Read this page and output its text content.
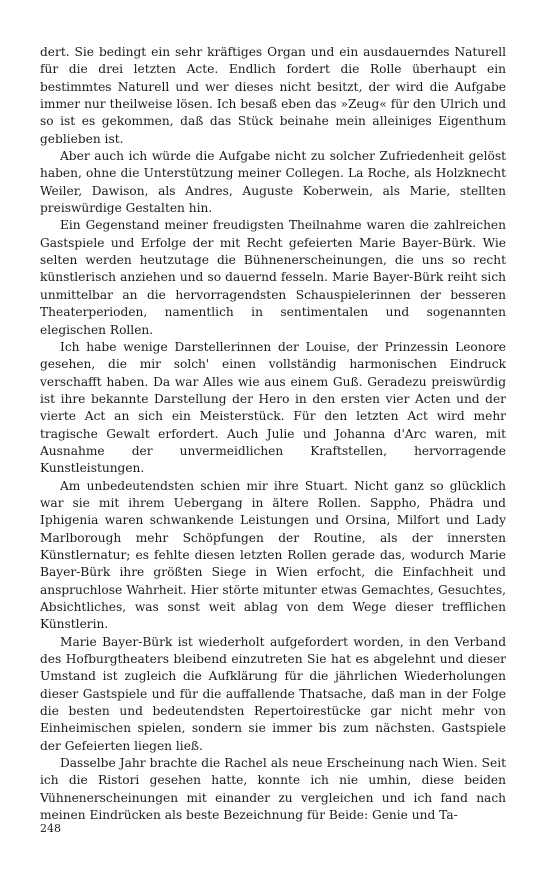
dert. Sie bedingt ein sehr kräftiges Organ und ein ausdauerndes Naturell für die drei letzten Acte. Endlich fordert die Rolle überhaupt ein bestimmtes Naturell und wer dieses nicht besitzt, der wird die Aufgabe immer nur theilweise lösen. Ich besaß eben das »Zeug« für den Ulrich und so ist es gekommen, daß das Stück beinahe mein alleiniges Eigenthum geblieben ist.

Aber auch ich würde die Aufgabe nicht zu solcher Zufriedenheit gelöst haben, ohne die Unterstützung meiner Collegen. La Roche, als Holzknecht Weiler, Dawison, als Andres, Auguste Koberwein, als Marie, stellten preiswürdige Gestalten hin.

Ein Gegenstand meiner freudigsten Theilnahme waren die zahlreichen Gastspiele und Erfolge der mit Recht gefeierten Marie Bayer-Bürk. Wie selten werden heutzutage die Bühnenerscheinungen, die uns so recht künstlerisch anziehen und so dauernd fesseln. Marie Bayer-Bürk reiht sich unmittelbar an die hervorragendsten Schauspielerinnen der besseren Theaterperioden, namentlich in sentimentalen und sogenannten elegischen Rollen.

Ich habe wenige Darstellerinnen der Louise, der Prinzessin Leonore gesehen, die mir solch' einen vollständig harmonischen Eindruck verschafft haben. Da war Alles wie aus einem Guß. Geradezu preiswürdig ist ihre bekannte Darstellung der Hero in den ersten vier Acten und der vierte Act an sich ein Meisterstück. Für den letzten Act wird mehr tragische Gewalt erfordert. Auch Julie und Johanna d'Arc waren, mit Ausnahme der unvermeidlichen Kraftstellen, hervorragende Kunstleistungen.

Am unbedeutendsten schien mir ihre Stuart. Nicht ganz so glücklich war sie mit ihrem Uebergang in ältere Rollen. Sappho, Phädra und Iphigenia waren schwankende Leistungen und Orsina, Milfort und Lady Marlborough mehr Schöpfungen der Routine, als der innersten Künstlernatur; es fehlte diesen letzten Rollen gerade das, wodurch Marie Bayer-Bürk ihre größten Siege in Wien erfocht, die Einfachheit und anspruchlose Wahrheit. Hier störte mitunter etwas Gemachtes, Gesuchtes, Absichtliches, was sonst weit ablag von dem Wege dieser trefflichen Künstlerin.

Marie Bayer-Bürk ist wiederholt aufgefordert worden, in den Verband des Hofburgtheaters bleibend einzutreten Sie hat es abgelehnt und dieser Umstand ist zugleich die Aufklärung für die jährlichen Wiederholungen dieser Gastspiele und für die auffallende Thatsache, daß man in der Folge die besten und bedeutendsten Repertoirestücke gar nicht mehr von Einheimischen spielen, sondern sie immer bis zum nächsten. Gastspiele der Gefeierten liegen ließ.

Dasselbe Jahr brachte die Rachel als neue Erscheinung nach Wien. Seit ich die Ristori gesehen hatte, konnte ich nie umhin, diese beiden Vühnenerscheinungen mit einander zu vergleichen und ich fand nach meinen Eindrücken als beste Bezeichnung für Beide: Genie und Ta-

248
